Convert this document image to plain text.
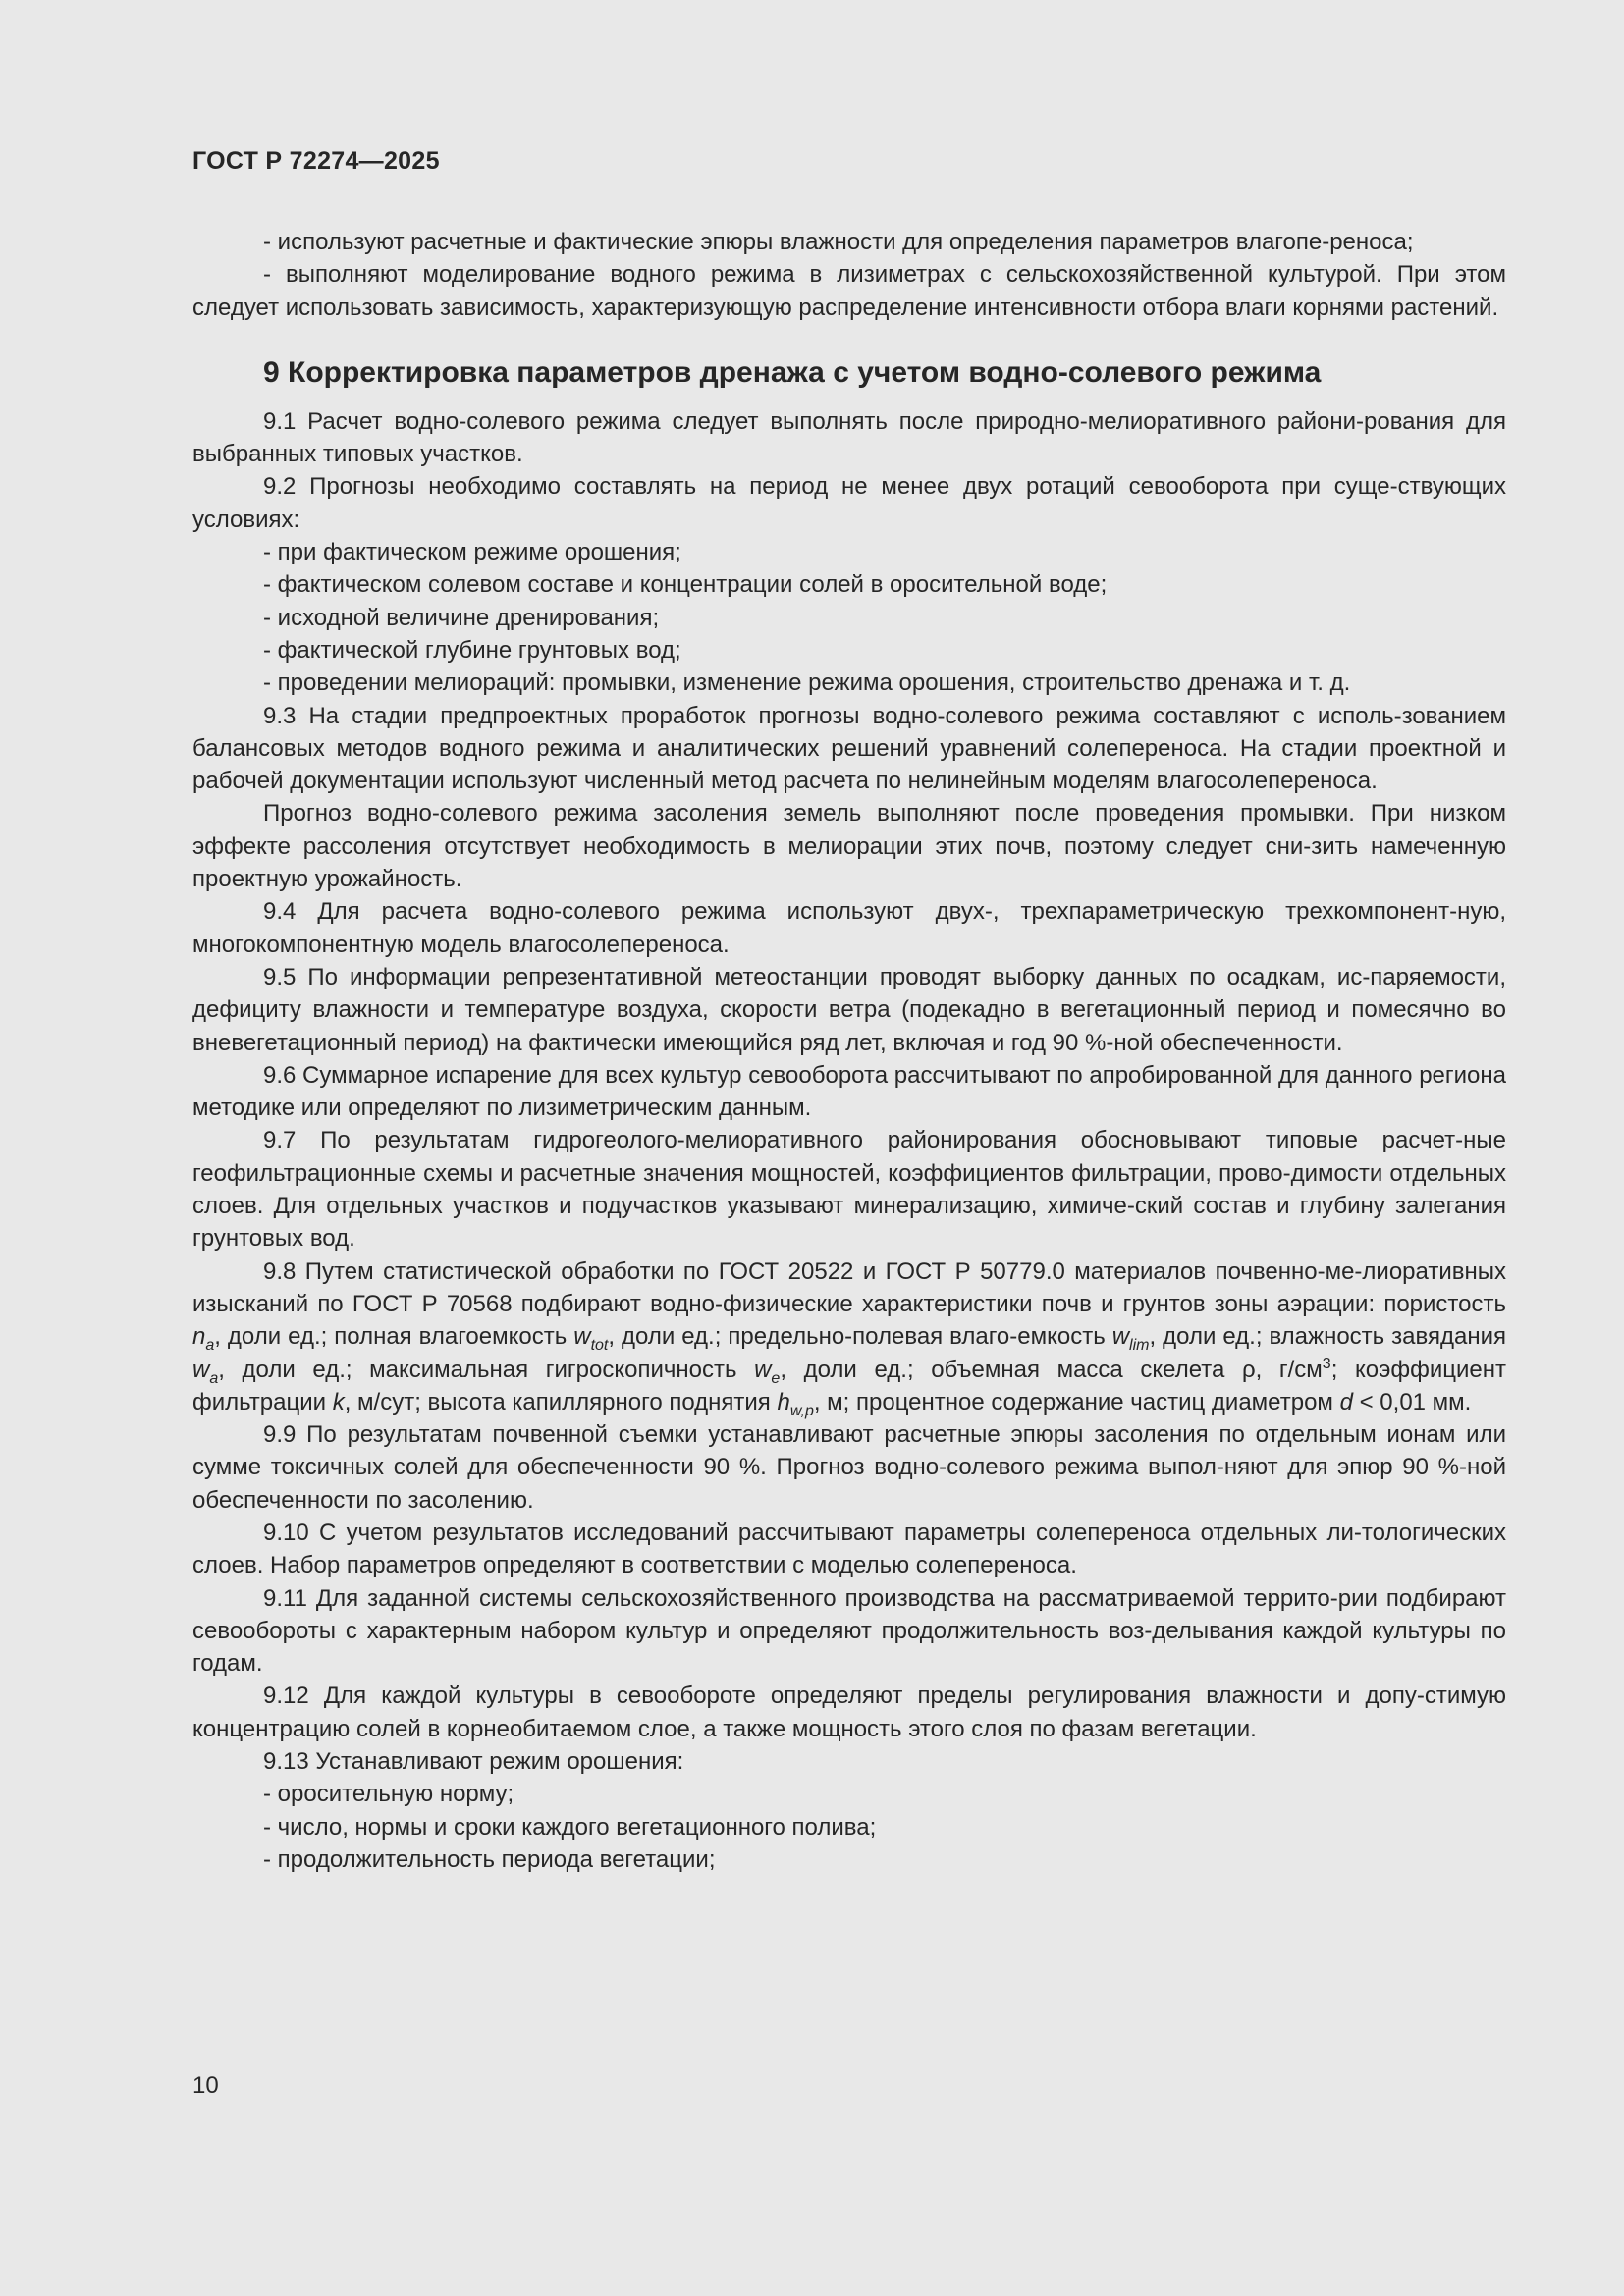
ГОСТ Р 72274—2025

- используют расчетные и фактические эпюры влажности для определения параметров влагопе-реноса;

- выполняют моделирование водного режима в лизиметрах с сельскохозяйственной культурой. При этом следует использовать зависимость, характеризующую распределение интенсивности отбора влаги корнями растений.

9 Корректировка параметров дренажа с учетом водно-солевого режима

9.1 Расчет водно-солевого режима следует выполнять после природно-мелиоративного райони-рования для выбранных типовых участков.

9.2 Прогнозы необходимо составлять на период не менее двух ротаций севооборота при суще-ствующих условиях:

- при фактическом режиме орошения;

- фактическом солевом составе и концентрации солей в оросительной воде;

- исходной величине дренирования;

- фактической глубине грунтовых вод;

- проведении мелиораций: промывки, изменение режима орошения, строительство дренажа и т. д.

9.3 На стадии предпроектных проработок прогнозы водно-солевого режима составляют с исполь-зованием балансовых методов водного режима и аналитических решений уравнений солепереноса. На стадии проектной и рабочей документации используют численный метод расчета по нелинейным моделям влагосолепереноса.

Прогноз водно-солевого режима засоления земель выполняют после проведения промывки. При низком эффекте рассоления отсутствует необходимость в мелиорации этих почв, поэтому следует сни-зить намеченную проектную урожайность.

9.4 Для расчета водно-солевого режима используют двух-, трехпараметрическую трехкомпонент-ную, многокомпонентную модель влагосолепереноса.

9.5 По информации репрезентативной метеостанции проводят выборку данных по осадкам, ис-паряемости, дефициту влажности и температуре воздуха, скорости ветра (подекадно в вегетационный период и помесячно во вневегетационный период) на фактически имеющийся ряд лет, включая и год 90 %-ной обеспеченности.

9.6 Суммарное испарение для всех культур севооборота рассчитывают по апробированной для данного региона методике или определяют по лизиметрическим данным.

9.7 По результатам гидрогеолого-мелиоративного районирования обосновывают типовые расчет-ные геофильтрационные схемы и расчетные значения мощностей, коэффициентов фильтрации, прово-димости отдельных слоев. Для отдельных участков и подучастков указывают минерализацию, химиче-ский состав и глубину залегания грунтовых вод.

9.8 Путем статистической обработки по ГОСТ 20522 и ГОСТ Р 50779.0 материалов почвенно-ме-лиоративных изысканий по ГОСТ Р 70568 подбирают водно-физические характеристики почв и грунтов зоны аэрации: пористость $n_a$, доли ед.; полная влагоемкость $w_{tot}$, доли ед.; предельно-полевая влаго-емкость $w_{lim}$, доли ед.; влажность завядания $w_a$, доли ед.; максимальная гигроскопичность $w_e$, доли ед.; объемная масса скелета ρ, $г/см^3$; коэффициент фильтрации k, м/сут; высота капиллярного поднятия $h_{w,p}$, м; процентное содержание частиц диаметром d < 0,01 мм.

9.9 По результатам почвенной съемки устанавливают расчетные эпюры засоления по отдельным ионам или сумме токсичных солей для обеспеченности 90 %. Прогноз водно-солевого режима выпол-няют для эпюр 90 %-ной обеспеченности по засолению.

9.10 С учетом результатов исследований рассчитывают параметры солепереноса отдельных ли-тологических слоев. Набор параметров определяют в соответствии с моделью солепереноса.

9.11 Для заданной системы сельскохозяйственного производства на рассматриваемой террито-рии подбирают севообороты с характерным набором культур и определяют продолжительность воз-делывания каждой культуры по годам.

9.12 Для каждой культуры в севообороте определяют пределы регулирования влажности и допу-стимую концентрацию солей в корнеобитаемом слое, а также мощность этого слоя по фазам вегетации.

9.13 Устанавливают режим орошения:

- оросительную норму;

- число, нормы и сроки каждого вегетационного полива;

- продолжительность периода вегетации;

10
